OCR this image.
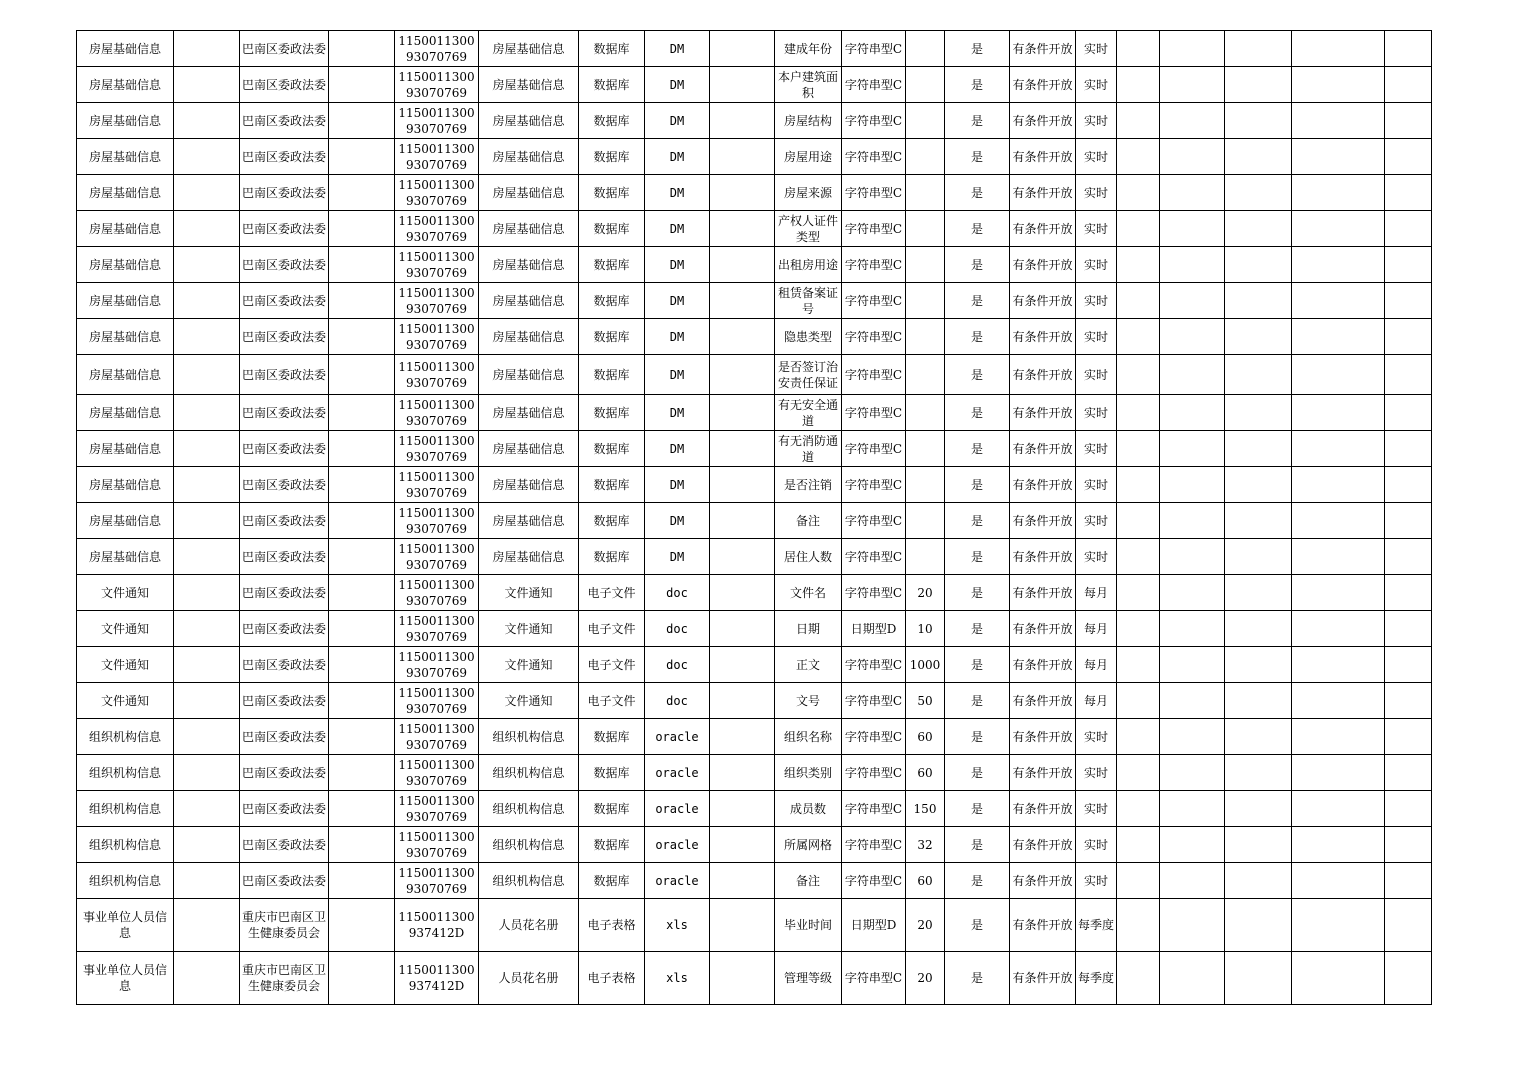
房屋基础信息		巴南区委政法委		115001130093070769	房屋基础信息	数据库	DM		建成年份	字符串型C		是	有条件开放	实时					
房屋基础信息		巴南区委政法委		115001130093070769	房屋基础信息	数据库	DM		本户建筑面积	字符串型C		是	有条件开放	实时					
房屋基础信息		巴南区委政法委		115001130093070769	房屋基础信息	数据库	DM		房屋结构	字符串型C		是	有条件开放	实时					
房屋基础信息		巴南区委政法委		115001130093070769	房屋基础信息	数据库	DM		房屋用途	字符串型C		是	有条件开放	实时					
房屋基础信息		巴南区委政法委		115001130093070769	房屋基础信息	数据库	DM		房屋来源	字符串型C		是	有条件开放	实时					
房屋基础信息		巴南区委政法委		115001130093070769	房屋基础信息	数据库	DM		产权人证件类型	字符串型C		是	有条件开放	实时					
房屋基础信息		巴南区委政法委		115001130093070769	房屋基础信息	数据库	DM		出租房用途	字符串型C		是	有条件开放	实时					
房屋基础信息		巴南区委政法委		115001130093070769	房屋基础信息	数据库	DM		租赁备案证号	字符串型C		是	有条件开放	实时					
房屋基础信息		巴南区委政法委		115001130093070769	房屋基础信息	数据库	DM		隐患类型	字符串型C		是	有条件开放	实时					
房屋基础信息		巴南区委政法委		115001130093070769	房屋基础信息	数据库	DM		是否签订治安责任保证	字符串型C		是	有条件开放	实时					
房屋基础信息		巴南区委政法委		115001130093070769	房屋基础信息	数据库	DM		有无安全通道	字符串型C		是	有条件开放	实时					
房屋基础信息		巴南区委政法委		115001130093070769	房屋基础信息	数据库	DM		有无消防通道	字符串型C		是	有条件开放	实时					
房屋基础信息		巴南区委政法委		115001130093070769	房屋基础信息	数据库	DM		是否注销	字符串型C		是	有条件开放	实时					
房屋基础信息		巴南区委政法委		115001130093070769	房屋基础信息	数据库	DM		备注	字符串型C		是	有条件开放	实时					
房屋基础信息		巴南区委政法委		115001130093070769	房屋基础信息	数据库	DM		居住人数	字符串型C		是	有条件开放	实时					
文件通知		巴南区委政法委		115001130093070769	文件通知	电子文件	doc		文件名	字符串型C	20	是	有条件开放	每月					
文件通知		巴南区委政法委		115001130093070769	文件通知	电子文件	doc		日期	日期型D	10	是	有条件开放	每月					
文件通知		巴南区委政法委		115001130093070769	文件通知	电子文件	doc		正文	字符串型C	1000	是	有条件开放	每月					
文件通知		巴南区委政法委		115001130093070769	文件通知	电子文件	doc		文号	字符串型C	50	是	有条件开放	每月					
组织机构信息		巴南区委政法委		115001130093070769	组织机构信息	数据库	oracle		组织名称	字符串型C	60	是	有条件开放	实时					
组织机构信息		巴南区委政法委		115001130093070769	组织机构信息	数据库	oracle		组织类别	字符串型C	60	是	有条件开放	实时					
组织机构信息		巴南区委政法委		115001130093070769	组织机构信息	数据库	oracle		成员数	字符串型C	150	是	有条件开放	实时					
组织机构信息		巴南区委政法委		115001130093070769	组织机构信息	数据库	oracle		所属网格	字符串型C	32	是	有条件开放	实时					
组织机构信息		巴南区委政法委		115001130093070769	组织机构信息	数据库	oracle		备注	字符串型C	60	是	有条件开放	实时					
事业单位人员信息		重庆市巴南区卫生健康委员会		1150011300937412D	人员花名册	电子表格	xls		毕业时间	日期型D	20	是	有条件开放	每季度					
事业单位人员信息		重庆市巴南区卫生健康委员会		1150011300937412D	人员花名册	电子表格	xls		管理等级	字符串型C	20	是	有条件开放	每季度					
